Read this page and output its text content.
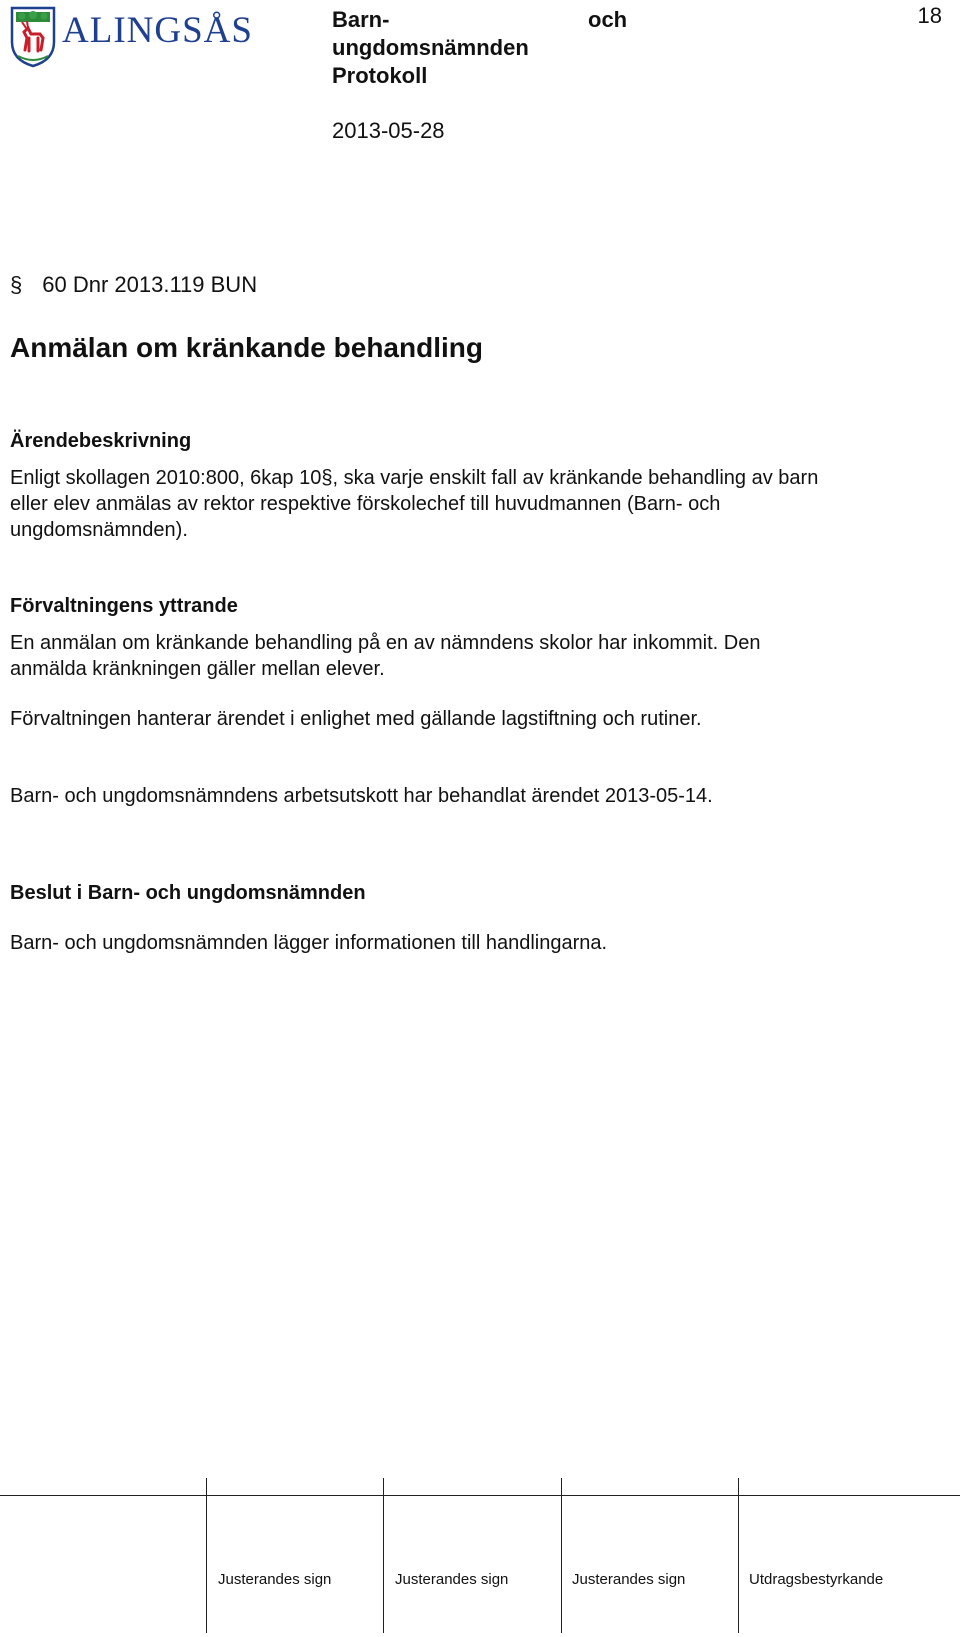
ALINGSÅS	Barn-	och

ungdomsnämnden
Protokoll
18
2013-05-28
§ 60 Dnr 2013.119 BUN
Anmälan om kränkande behandling
Ärendebeskrivning
Enligt skollagen 2010:800, 6kap 10§, ska varje enskilt fall av kränkande behandling av barn
eller elev anmälas av rektor respektive förskolechef till huvudmannen (Barn- och
ungdomsnämnden).
Förvaltningens yttrande
En anmälan om kränkande behandling på en av nämndens skolor har inkommit. Den
anmälda kränkningen gäller mellan elever.
Förvaltningen hanterar ärendet i enlighet med gällande lagstiftning och rutiner.
Barn- och ungdomsnämndens arbetsutskott har behandlat ärendet 2013-05-14.
Beslut i Barn- och ungdomsnämnden
Barn- och ungdomsnämnden lägger informationen till handlingarna.
Justerandes sign	Justerandes sign	Justerandes sign	Utdragsbestyrkande
